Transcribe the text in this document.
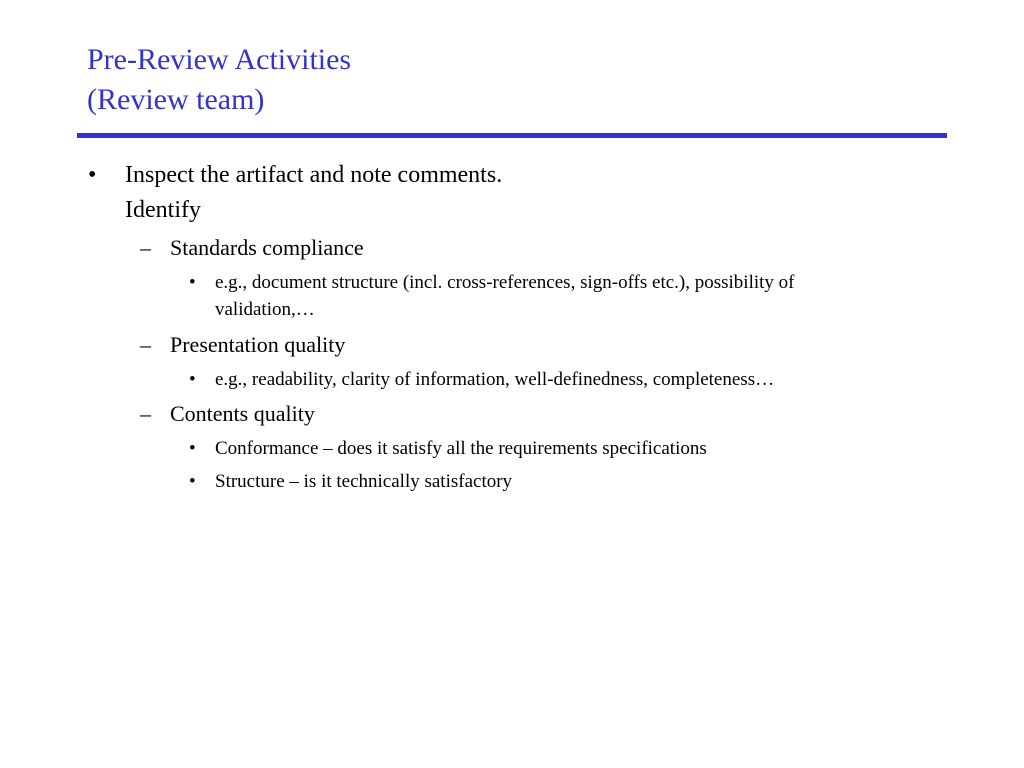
Pre-Review Activities
(Review team)
• Inspect the artifact and note comments.
Identify
– Standards compliance
• e.g., document structure (incl. cross-references, sign-offs etc.), possibility of
validation,…
– Presentation quality
• e.g., readability, clarity of information, well-definedness, completeness…
– Contents quality
• Conformance – does it satisfy all the requirements specifications
• Structure – is it technically satisfactory
